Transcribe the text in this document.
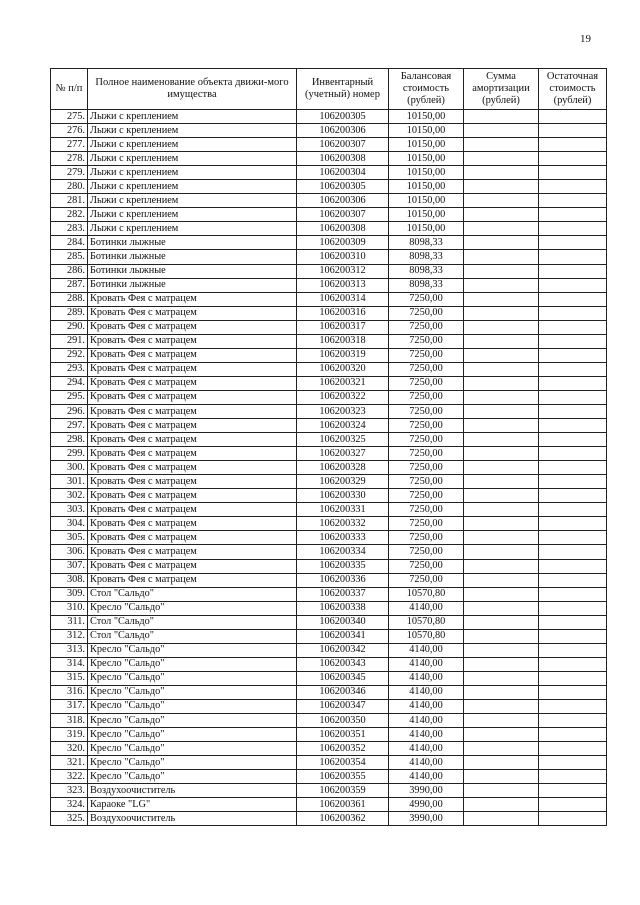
19
№ п/п	Полное наименование объекта движи-мого имущества	Инвентарный (учетный) номер	Балансовая стоимость (рублей)	Сумма амортизации (рублей)	Остаточная стоимость (рублей)
275.	Лыжи с креплением	106200305	10150,00		
276.	Лыжи с креплением	106200306	10150,00		
277.	Лыжи с креплением	106200307	10150,00		
278.	Лыжи с креплением	106200308	10150,00		
279.	Лыжи с креплением	106200304	10150,00		
280.	Лыжи с креплением	106200305	10150,00		
281.	Лыжи с креплением	106200306	10150,00		
282.	Лыжи с креплением	106200307	10150,00		
283.	Лыжи с креплением	106200308	10150,00		
284.	Ботинки лыжные	106200309	8098,33		
285.	Ботинки лыжные	106200310	8098,33		
286.	Ботинки лыжные	106200312	8098,33		
287.	Ботинки лыжные	106200313	8098,33		
288.	Кровать Фея с матрацем	106200314	7250,00		
289.	Кровать Фея с матрацем	106200316	7250,00		
290.	Кровать Фея с матрацем	106200317	7250,00		
291.	Кровать Фея с матрацем	106200318	7250,00		
292.	Кровать Фея с матрацем	106200319	7250,00		
293.	Кровать Фея с матрацем	106200320	7250,00		
294.	Кровать Фея с матрацем	106200321	7250,00		
295.	Кровать Фея с матрацем	106200322	7250,00		
296.	Кровать Фея с матрацем	106200323	7250,00		
297.	Кровать Фея с матрацем	106200324	7250,00		
298.	Кровать Фея с матрацем	106200325	7250,00		
299.	Кровать Фея с матрацем	106200327	7250,00		
300.	Кровать Фея с матрацем	106200328	7250,00		
301.	Кровать Фея с матрацем	106200329	7250,00		
302.	Кровать Фея с матрацем	106200330	7250,00		
303.	Кровать Фея с матрацем	106200331	7250,00		
304.	Кровать Фея с матрацем	106200332	7250,00		
305.	Кровать Фея с матрацем	106200333	7250,00		
306.	Кровать Фея с матрацем	106200334	7250,00		
307.	Кровать Фея с матрацем	106200335	7250,00		
308.	Кровать Фея с матрацем	106200336	7250,00		
309.	Стол "Сальдо"	106200337	10570,80		
310.	Кресло "Сальдо"	106200338	4140,00		
311.	Стол "Сальдо"	106200340	10570,80		
312.	Стол "Сальдо"	106200341	10570,80		
313.	Кресло "Сальдо"	106200342	4140,00		
314.	Кресло "Сальдо"	106200343	4140,00		
315.	Кресло "Сальдо"	106200345	4140,00		
316.	Кресло "Сальдо"	106200346	4140,00		
317.	Кресло "Сальдо"	106200347	4140,00		
318.	Кресло "Сальдо"	106200350	4140,00		
319.	Кресло "Сальдо"	106200351	4140,00		
320.	Кресло "Сальдо"	106200352	4140,00		
321.	Кресло "Сальдо"	106200354	4140,00		
322.	Кресло "Сальдо"	106200355	4140,00		
323.	Воздухоочиститель	106200359	3990,00		
324.	Караоке "LG"	106200361	4990,00		
325.	Воздухоочиститель	106200362	3990,00		
